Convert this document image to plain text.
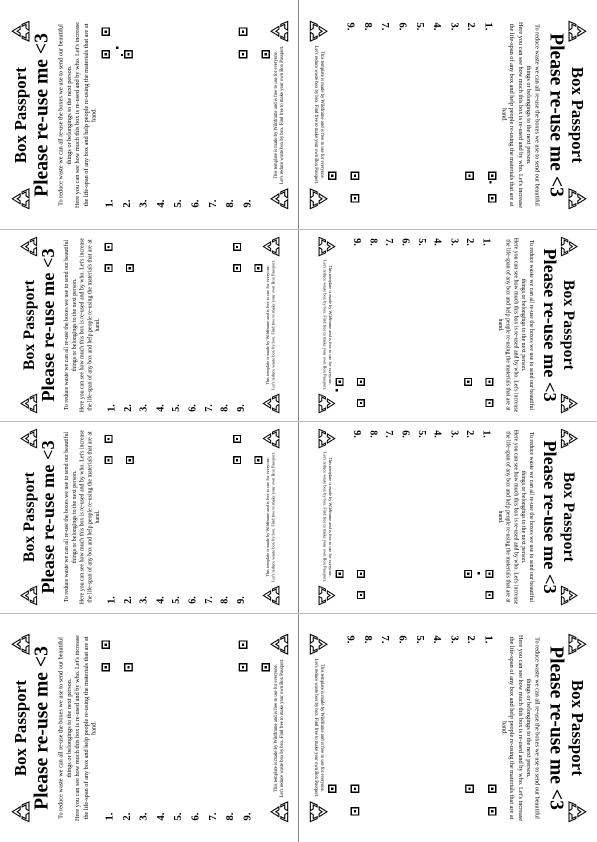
Box Passport Please re-use me <3 To reduce waste we can all re-use the boxes we use to send our beautiful things or belongings to the next person. Here you can see how much this box is re-used and by who. Let's increase the life-span of any box and help people re-using the materials that are at hand.
1. 2. 3. 4. 5. 6. 7. 8. 9.
This template is made by Wildframe and is free to use for everyone. Let's reduce waste box by box. Find free to make your own Box Passport.	Box Passport
Please re-use me <3
To reduce waste we can all re-use the boxes we use to send our beautiful things or belongings to the next person.
Here you can see how much this box is re-used and by who. Let's increase the life-span of any box and help people re-using the materials that are at hand.
1.
2.
3.
4.
5.
6.
7.
8.
9.
This template is made by Wildframe and is free to use for everyone.
Let's reduce waste box by box. Find free to make your own Box Passport.
Box Passport Please re-use me <3 To reduce waste we can all re-use the boxes we use to send our beautiful things or belongings to the next person. Here you can see how much this box is re-used and by who. Let's increase the life-span of any box and help people re-using the materials that are at hand.
1. 2. 3. 4. 5. 6. 7. 8. 9.
This template is made by Wildframe and is free to use for everyone. Let's reduce waste box by box. Find free to make your own Box Passport.	Box Passport
Please re-use me <3
To reduce waste we can all re-use the boxes we use to send our beautiful things or belongings to the next person.
Here you can see how much this box is re-used and by who. Let's increase the life-span of any box and help people re-using the materials that are at hand.
1.
2.
3.
4.
5.
6.
7.
8.
9.
This template is made by Wildframe and is free to use for everyone.
Let's reduce waste box by box. Find free to make your own Box Passport.
Box Passport Please re-use me <3 To reduce waste we can all re-use the boxes we use to send our beautiful things or belongings to the next person. Here you can see how much this box is re-used and by who. Let's increase the life-span of any box and help people re-using the materials that are at hand.
1. 2. 3. 4. 5. 6. 7. 8. 9.
This template is made by Wildframe and is free to use for everyone. Let's reduce waste box by box. Find free to make your own Box Passport.	Box Passport
Please re-use me <3
To reduce waste we can all re-use the boxes we use to send our beautiful things or belongings to the next person.
Here you can see how much this box is re-used and by who. Let's increase the life-span of any box and help people re-using the materials that are at hand.
1.
2.
3.
4.
5.
6.
7.
8.
9.
This template is made by Wildframe and is free to use for everyone.
Let's reduce waste box by box. Find free to make your own Box Passport.
Box Passport Please re-use me <3 To reduce waste we can all re-use the boxes we use to send our beautiful things or belongings to the next person. Here you can see how much this box is re-used and by who. Let's increase the life-span of any box and help people re-using the materials that are at hand.
1. 2. 3. 4. 5. 6. 7. 8. 9.
This template is made by Wildframe and is free to use for everyone. Let's reduce waste box by box. Find free to make your own Box Passport.	Box Passport
Please re-use me <3
To reduce waste we can all re-use the boxes we use to send our beautiful things or belongings to the next person.
Here you can see how much this box is re-used and by who. Let's increase the life-span of any box and help people re-using the materials that are at hand.
1.
2.
3.
4.
5.
6.
7.
8.
9.
This template is made by Wildframe and is free to use for everyone.
Let's reduce waste box by box. Find free to make your own Box Passport.
